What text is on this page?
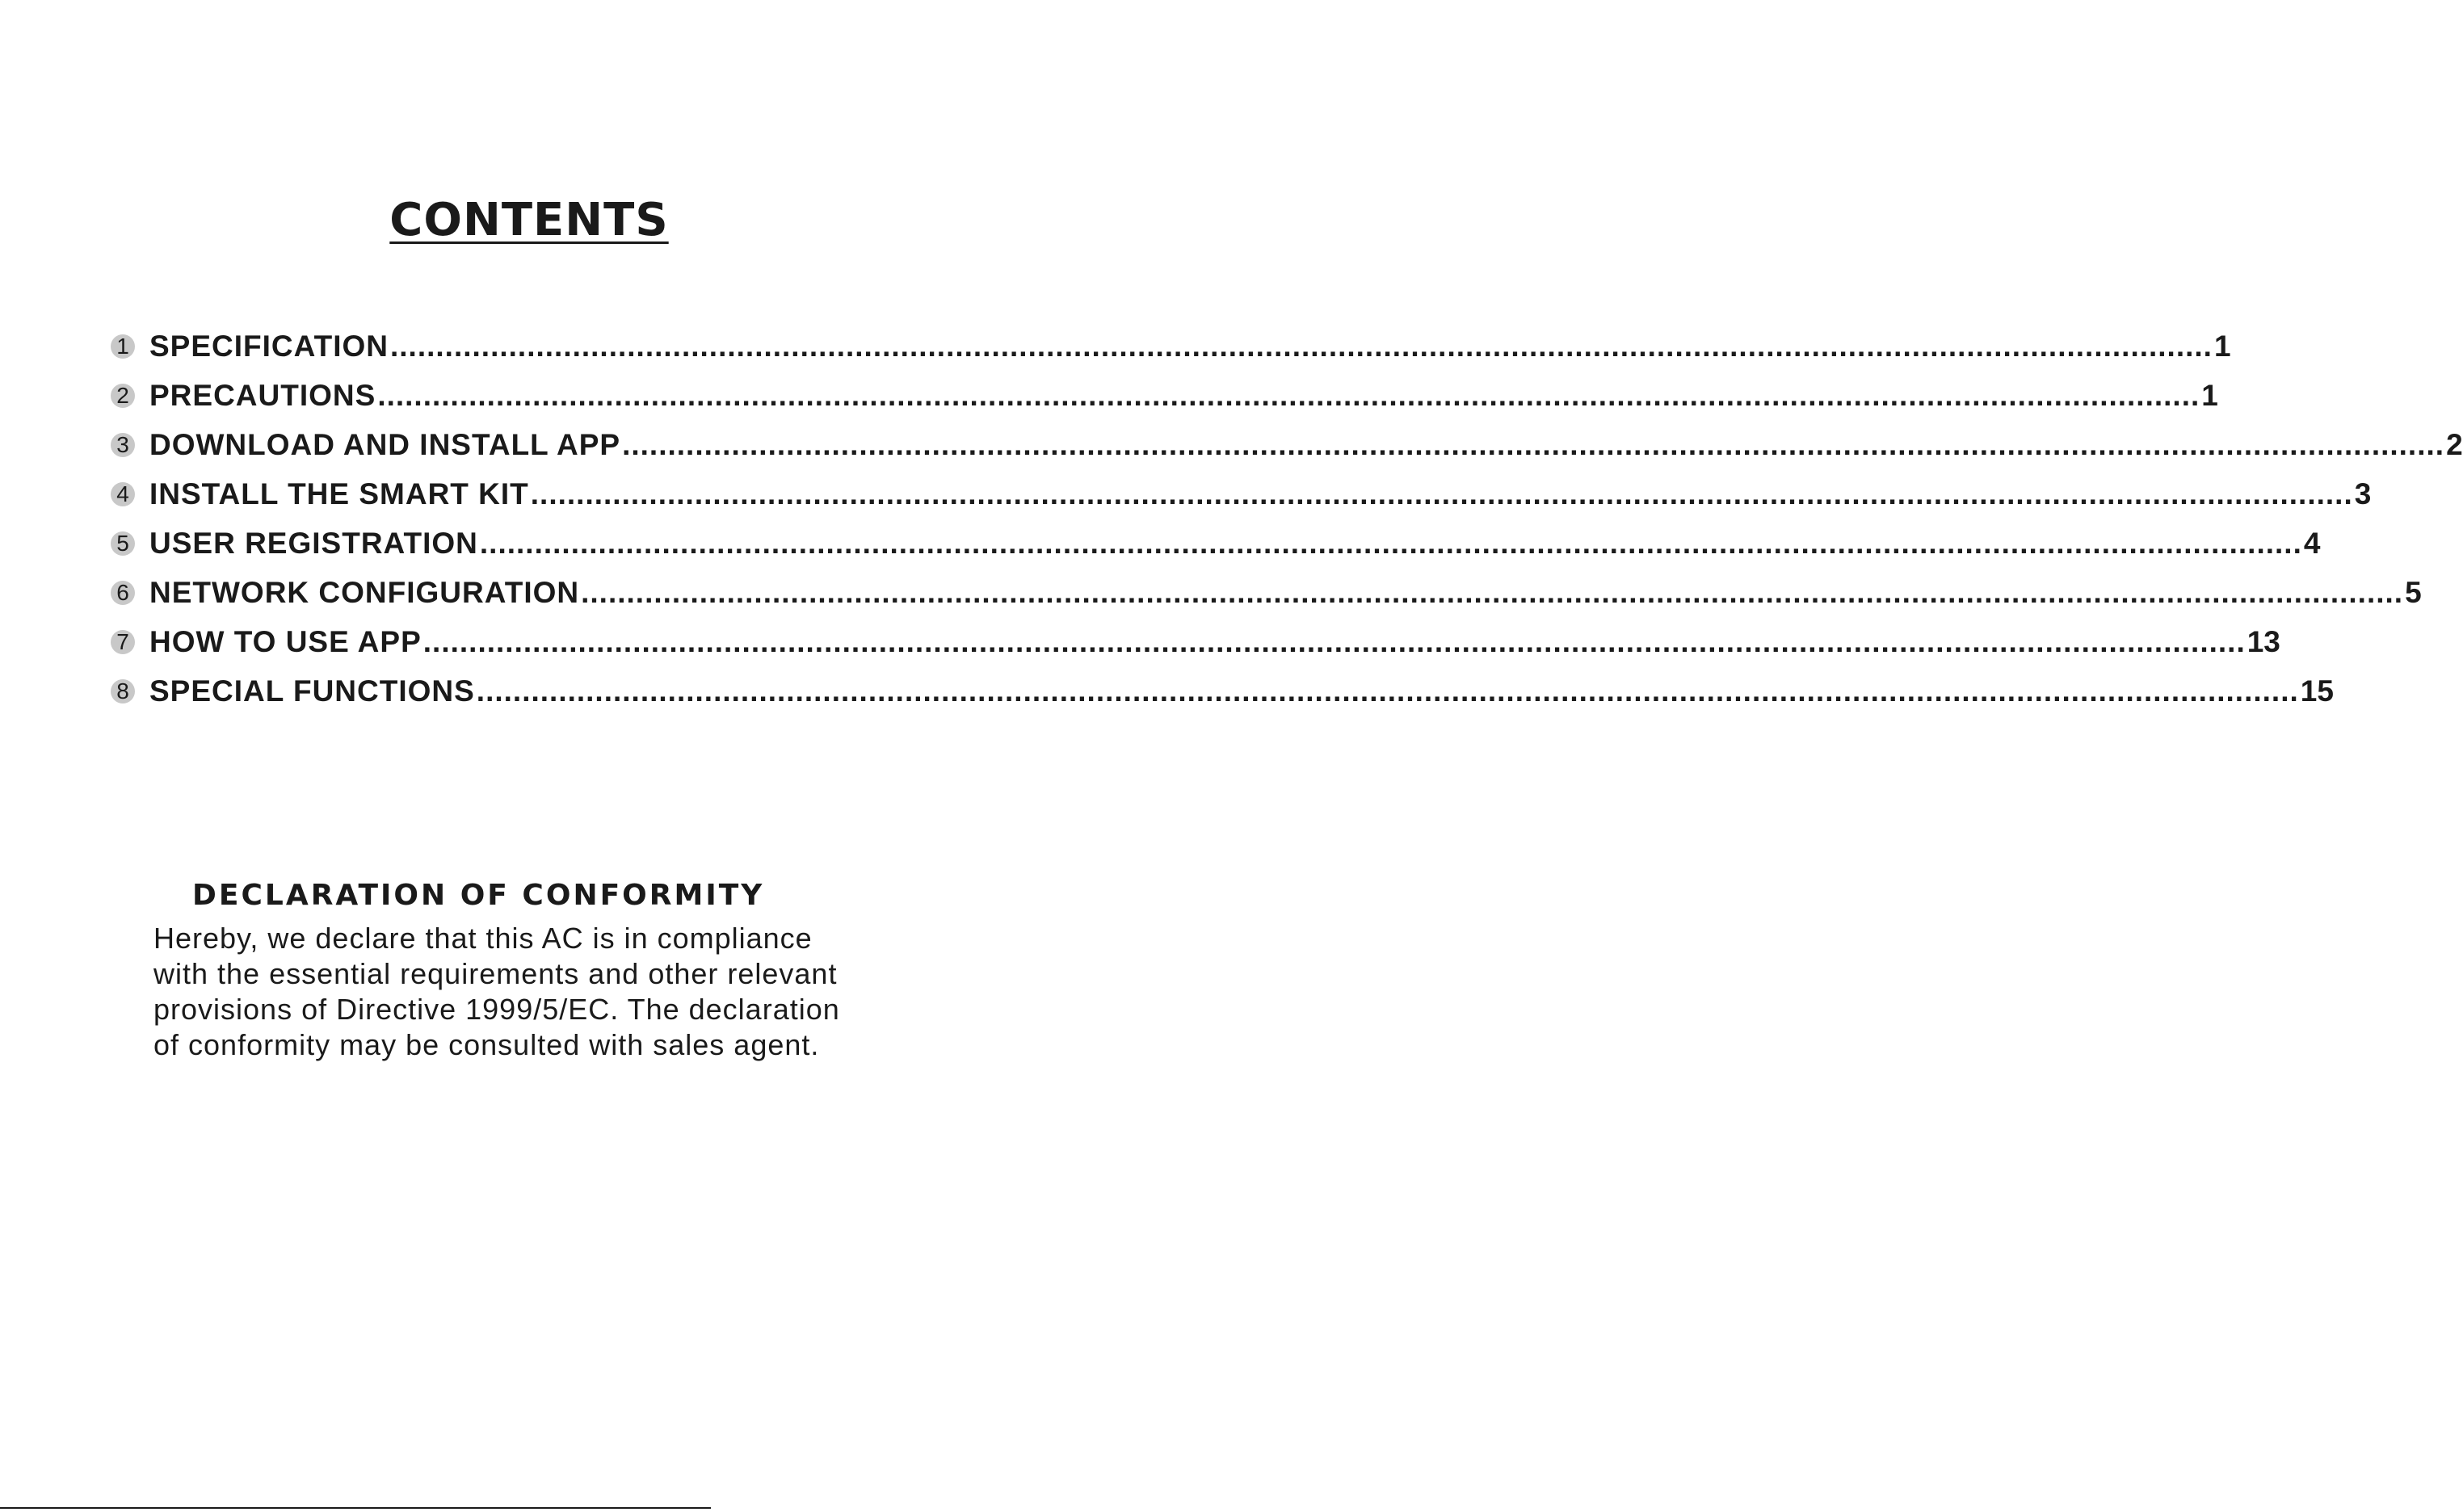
CONTENTS
1 SPECIFICATION ........................................................................................................................................................................................................ 1
2 PRECAUTIONS ........................................................................................................................................................................................................ 1
3 DOWNLOAD AND INSTALL APP ........................................................................................................................................................................................................ 2
4 INSTALL THE SMART KIT ........................................................................................................................................................................................................ 3
5 USER REGISTRATION ........................................................................................................................................................................................................ 4
6 NETWORK CONFIGURATION ........................................................................................................................................................................................................ 5
7 HOW TO USE APP ........................................................................................................................................................................................................ 13
8 SPECIAL FUNCTIONS ........................................................................................................................................................................................................ 15
DECLARATION OF CONFORMITY
Hereby, we declare that this AC is in compliance
with the essential requirements and other relevant
provisions of Directive 1999/5/EC. The declaration
of conformity may be consulted with sales agent.
